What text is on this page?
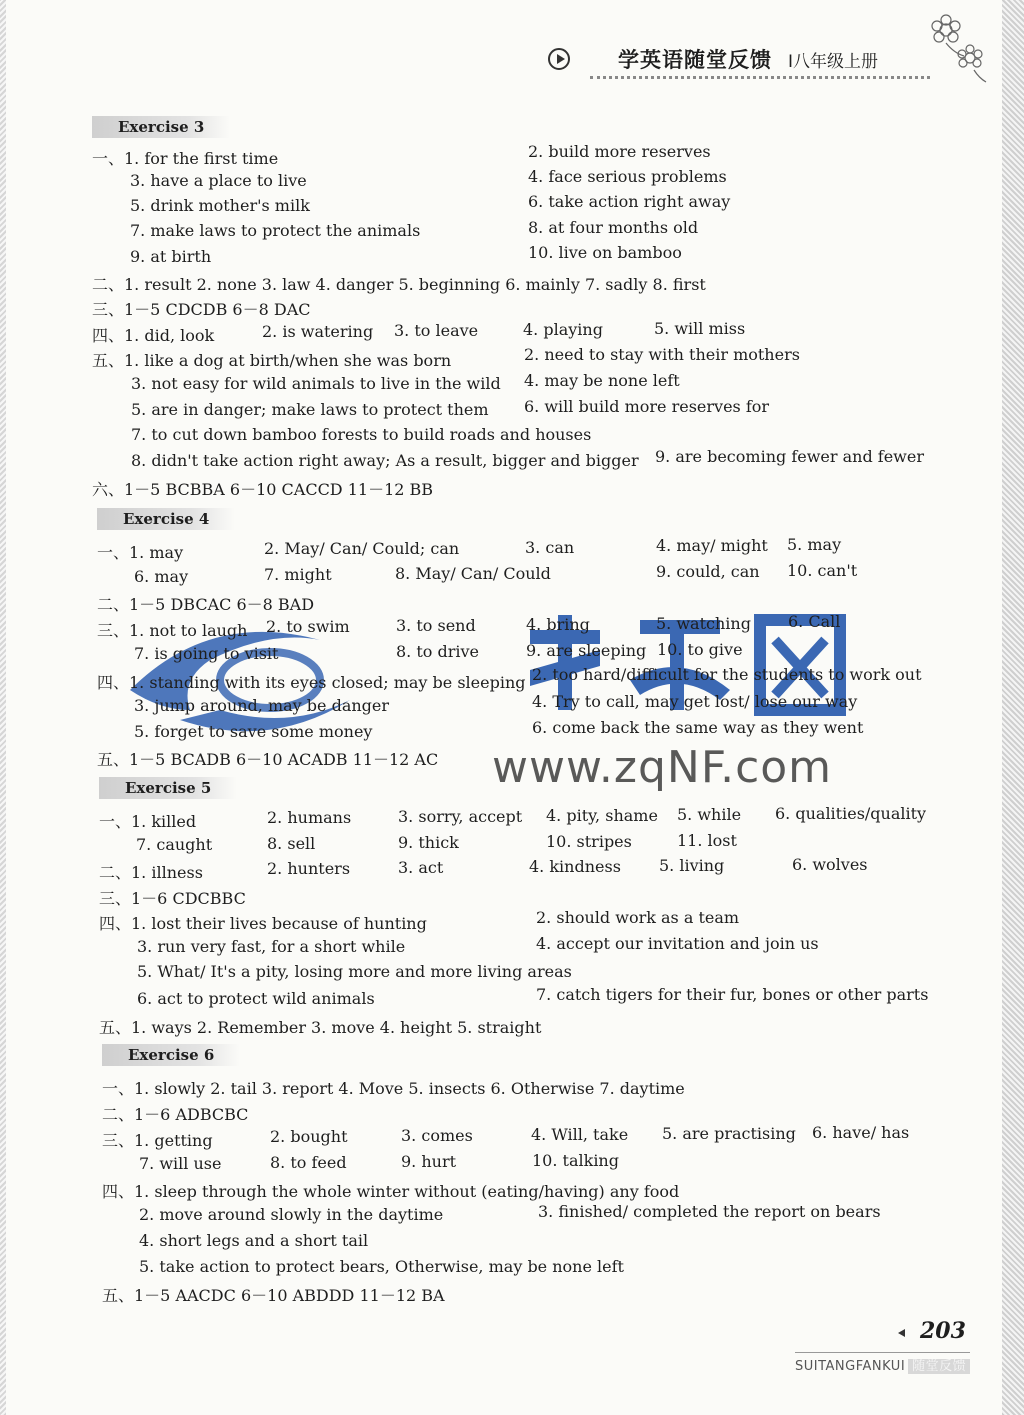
学英语随堂反馈 Ⅰ八年级上册
www.zqNF.com
Exercise 3
一、1. for the first time	2. build more reserves
3. have a place to live	4. face serious problems
5. drink mother's milk	6. take action right away
7. make laws to protect the animals	8. at four months old
9. at birth	10. live on bamboo
二、1. result 2. none 3. law 4. danger 5. beginning 6. mainly 7. sadly 8. first
三、1－5 CDCDB 6－8 DAC
四、1. did, look	2. is watering 3. to leave	4. playing	5. will miss
五、1. like a dog at birth/when she was born	2. need to stay with their mothers
3. not easy for wild animals to live in the wild 4. may be none left
5. are in danger; make laws to protect them 6. will build more reserves for
7. to cut down bamboo forests to build roads and houses
8. didn't take action right away; As a result, bigger and bigger 9. are becoming fewer and fewer
六、1－5 BCBBA 6－10 CACCD 11－12 BB
Exercise 4
一、1. may	2. May/ Can/ Could; can	3. can	4. may/ might 5. may
6. may	7. might	8. May/ Can/ Could	9. could, can 10. can't
二、1－5 DBCAC 6－8 BAD
三、1. not to laugh 2. to swim	3. to send	4. bring	5. watching 6. Call
7. is going to visit	8. to drive	9. are sleeping 10. to give
四、1. standing with its eyes closed; may be sleeping 2. too hard/difficult for the students to work out
3. jump around, may be danger	4. Try to call, may get lost/ lose our way
5. forget to save some money	6. come back the same way as they went
五、1－5 BCADB 6－10 ACADB 11－12 AC
Exercise 5
一、1. killed	2. humans	3. sorry, accept 4. pity, shame 5. while 6. qualities/quality
7. caught	8. sell	9. thick	10. stripes	11. lost
二、1. illness	2. hunters	3. act	4. kindness 5. living	6. wolves
三、1－6 CDCBBC
四、1. lost their lives because of hunting	2. should work as a team
3. run very fast, for a short while	4. accept our invitation and join us
5. What/ It's a pity, losing more and more living areas
6. act to protect wild animals	7. catch tigers for their fur, bones or other parts
五、1. ways 2. Remember 3. move 4. height 5. straight
Exercise 6
一、1. slowly 2. tail 3. report 4. Move 5. insects 6. Otherwise 7. daytime
二、1－6 ADBCBC
三、1. getting	2. bought	3. comes	4. Will, take 5. are practising 6. have/ has
7. will use	8. to feed	9. hurt	10. talking
四、1. sleep through the whole winter without (eating/having) any food
2. move around slowly in the daytime	3. finished/ completed the report on bears
4. short legs and a short tail
5. take action to protect bears, Otherwise, may be none left
五、1－5 AACDC 6－10 ABDDD 11－12 BA
203
SUITANGFANKUI 随堂反馈
